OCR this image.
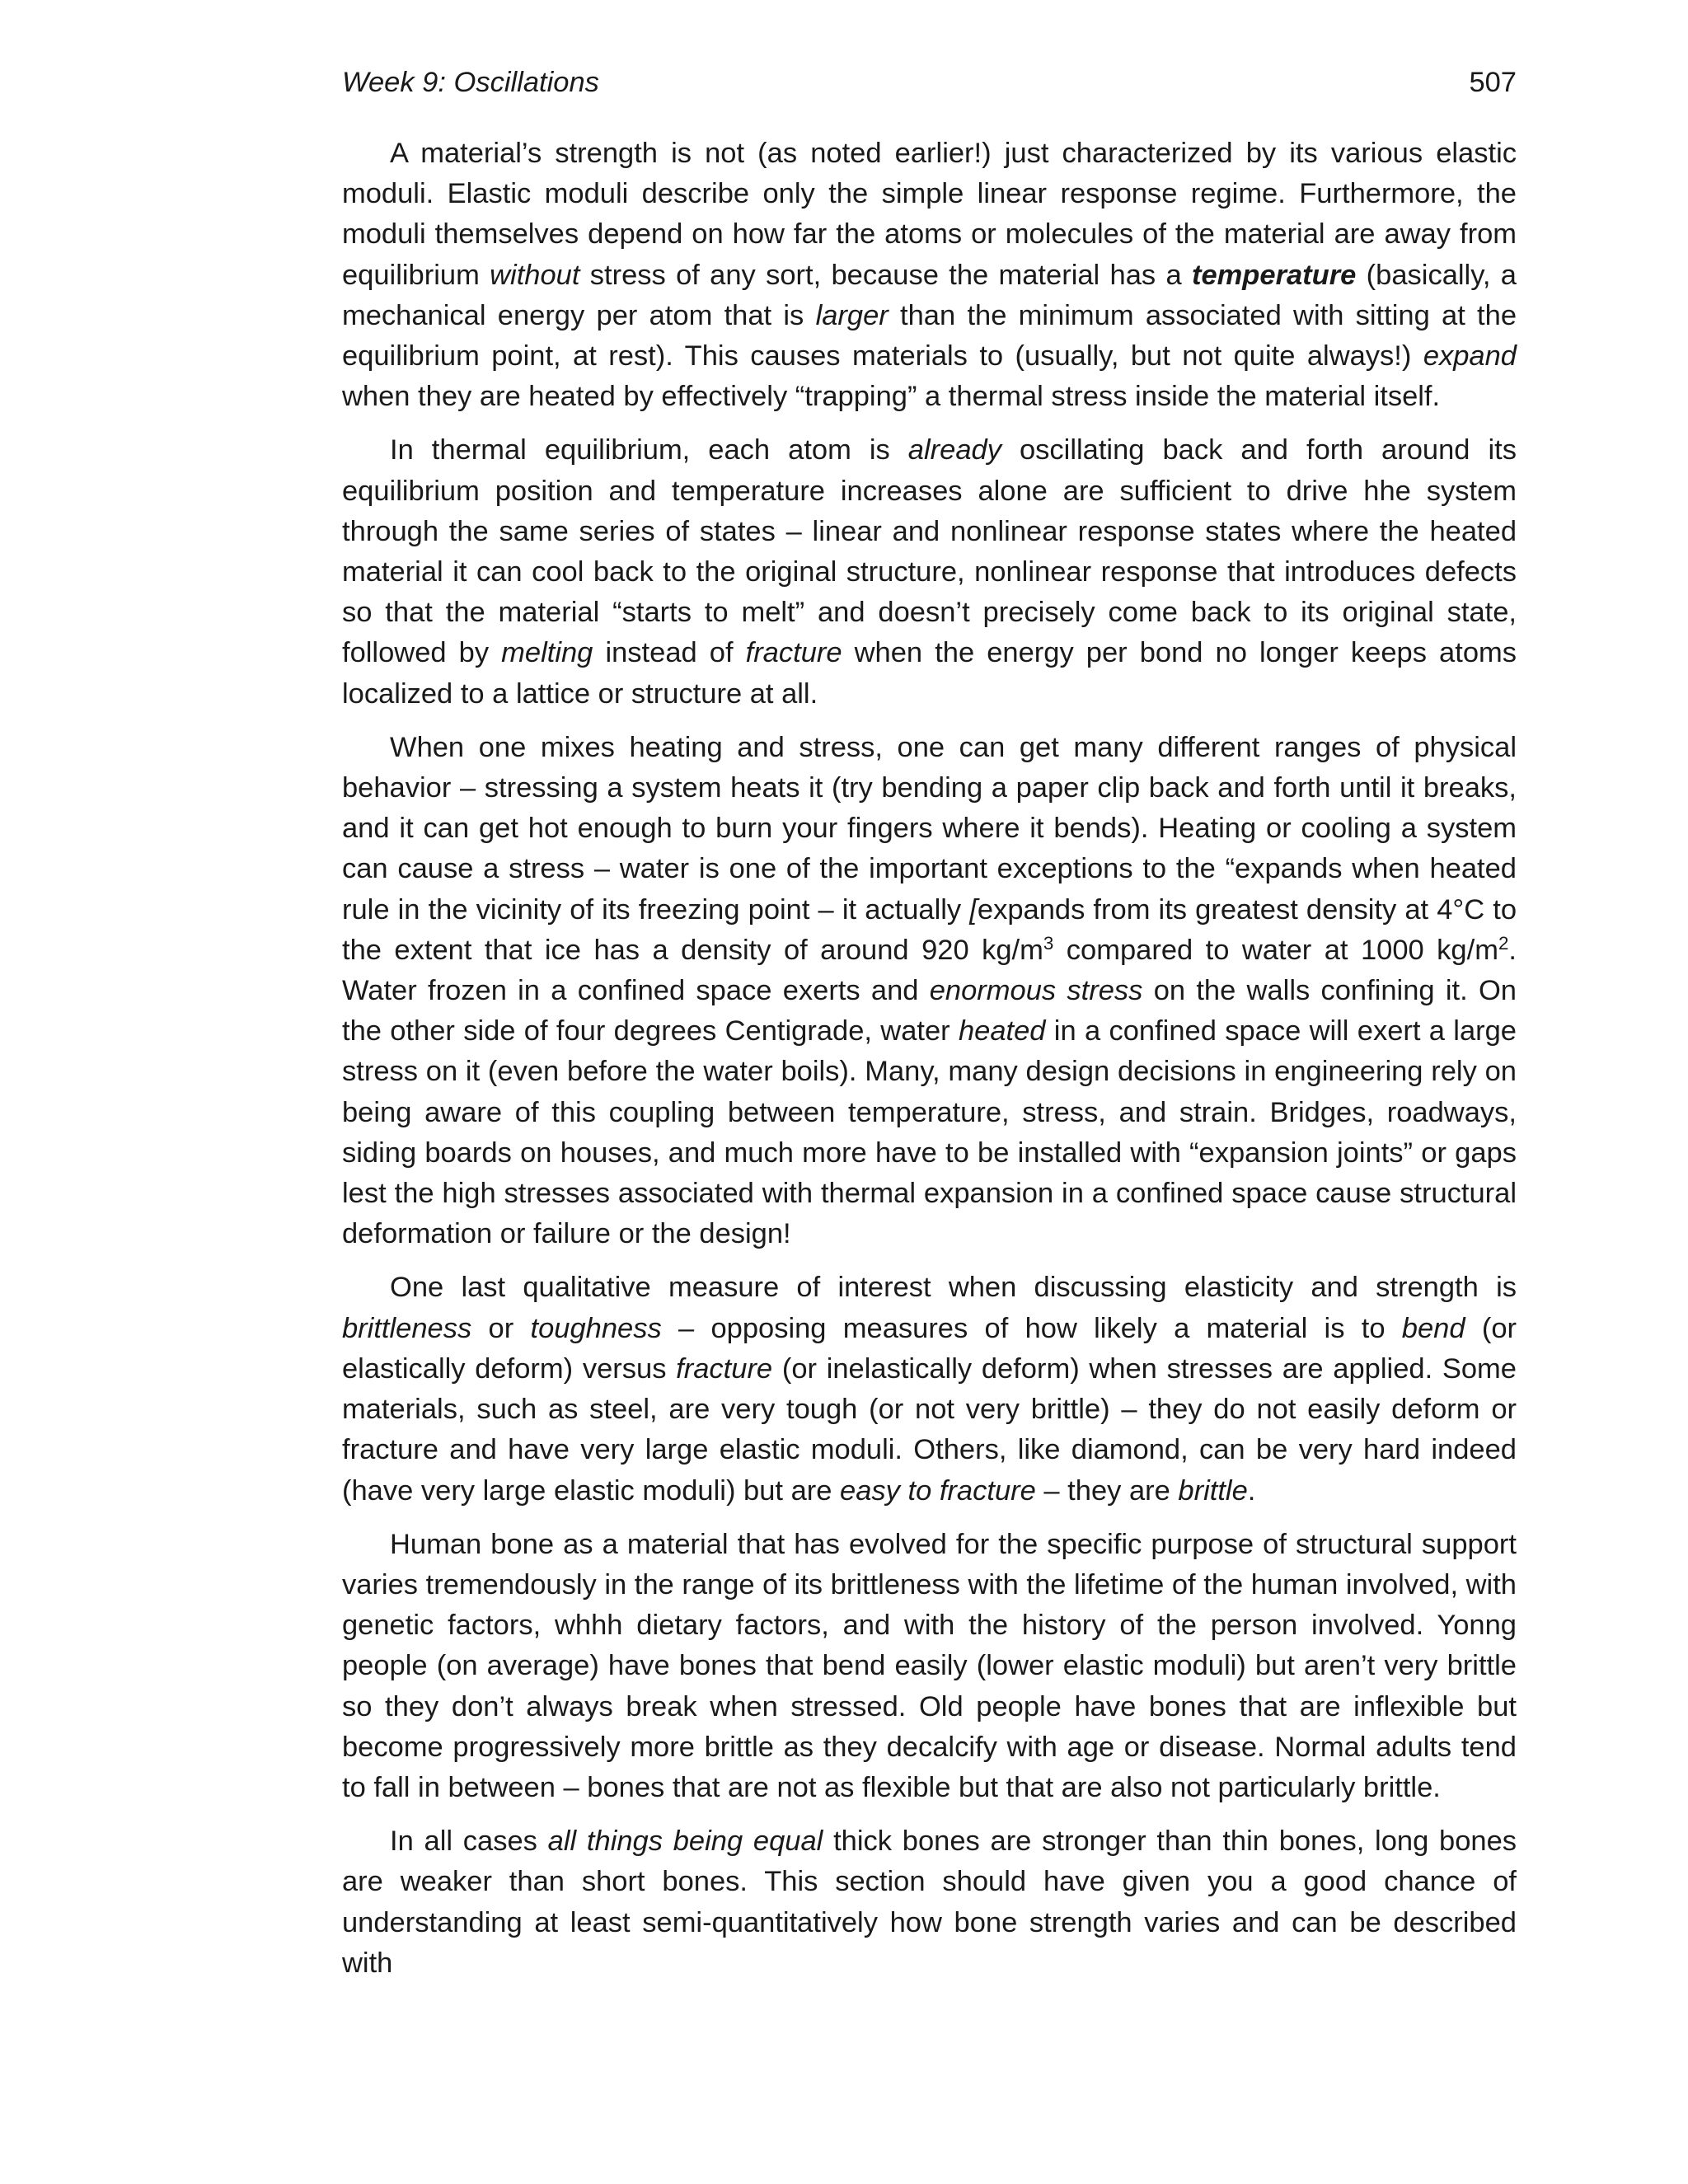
Week 9: Oscillations	507

A material’s strength is not (as noted earlier!) just characterized by its various elastic moduli. Elastic moduli describe only the simple linear response regime. Furthermore, the moduli themselves depend on how far the atoms or molecules of the material are away from equilibrium without stress of any sort, because the material has a temperature (basically, a mechanical energy per atom that is larger than the minimum associated with sitting at the equilibrium point, at rest). This causes materials to (usually, but not quite always!) expand when they are heated by effectively “trapping” a thermal stress inside the material itself.

In thermal equilibrium, each atom is already oscillating back and forth around its equilibrium position and temperature increases alone are sufficient to drive hhe system through the same series of states – linear and nonlinear response states where the heated material it can cool back to the original structure, nonlinear response that introduces defects so that the material “starts to melt” and doesn’t precisely come back to its original state, followed by melting instead of fracture when the energy per bond no longer keeps atoms localized to a lattice or structure at all.

When one mixes heating and stress, one can get many different ranges of physical behavior – stressing a system heats it (try bending a paper clip back and forth until it breaks, and it can get hot enough to burn your fingers where it bends). Heating or cooling a system can cause a stress – water is one of the important exceptions to the “expands when heated rule in the vicinity of its freezing point – it actually [expands from its greatest density at 4°C to the extent that ice has a density of around 920 $kg/m^3$ compared to water at 1000 $kg/m^2$. Water frozen in a confined space exerts and enormous stress on the walls confining it. On the other side of four degrees Centigrade, water heated in a confined space will exert a large stress on it (even before the water boils). Many, many design decisions in engineering rely on being aware of this coupling between temperature, stress, and strain. Bridges, roadways, siding boards on houses, and much more have to be installed with “expansion joints” or gaps lest the high stresses associated with thermal expansion in a confined space cause structural deformation or failure or the design!

One last qualitative measure of interest when discussing elasticity and strength is brittleness or toughness – opposing measures of how likely a material is to bend (or elastically deform) versus fracture (or inelastically deform) when stresses are applied. Some materials, such as steel, are very tough (or not very brittle) – they do not easily deform or fracture and have very large elastic moduli. Others, like diamond, can be very hard indeed (have very large elastic moduli) but are easy to fracture – they are brittle.

Human bone as a material that has evolved for the specific purpose of structural support varies tremendously in the range of its brittleness with the lifetime of the human involved, with genetic factors, whhh dietary factors, and with the history of the person involved. Yonng people (on average) have bones that bend easily (lower elastic moduli) but aren’t very brittle so they don’t always break when stressed. Old people have bones that are inflexible but become progressively more brittle as they decalcify with age or disease. Normal adults tend to fall in between – bones that are not as flexible but that are also not particularly brittle.

In all cases all things being equal thick bones are stronger than thin bones, long bones are weaker than short bones. This section should have given you a good chance of understanding at least semi-quantitatively how bone strength varies and can be described with
